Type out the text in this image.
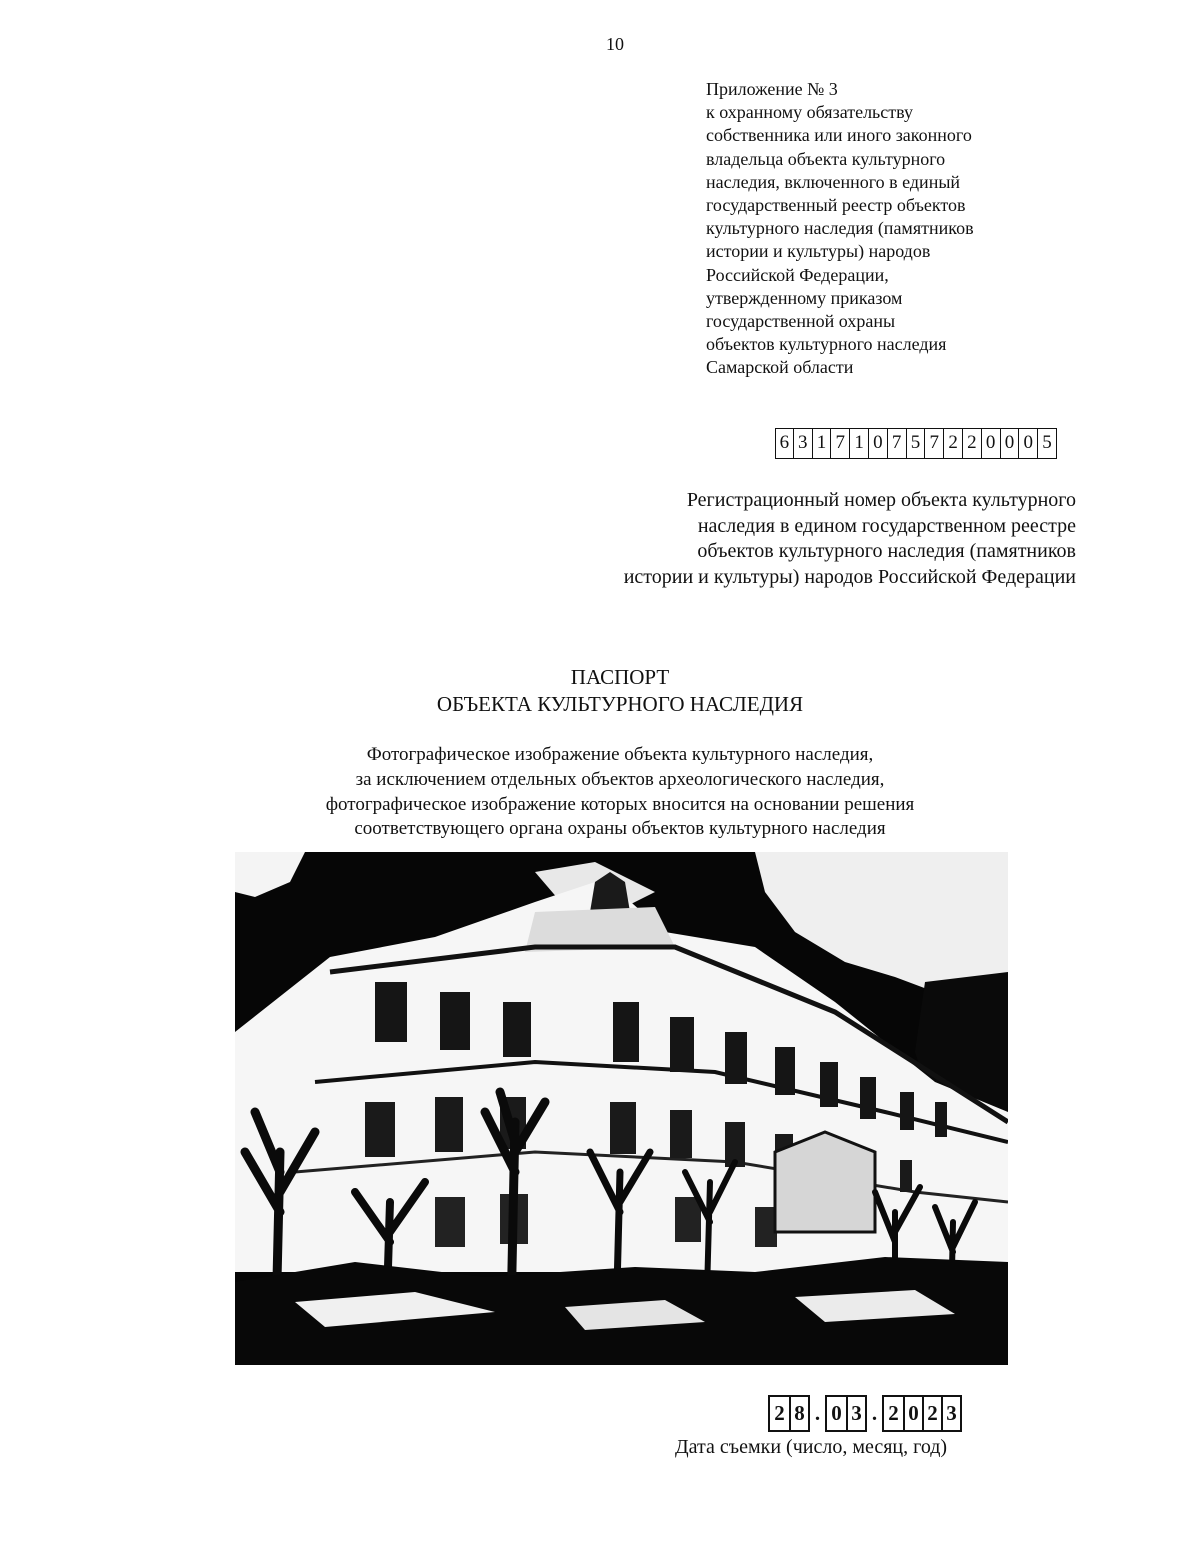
10
Приложение № 3
к охранному обязательству
собственника или иного законного
владельца объекта культурного
наследия, включенного в единый
государственный реестр объектов
культурного наследия (памятников
истории и культуры) народов
Российской Федерации,
утвержденному приказом
государственной охраны
объектов культурного наследия
Самарской области
6 3 1 7 1 0 7 5 7 2 2 0 0 0 5
Регистрационный номер объекта культурного
наследия в едином государственном реестре
объектов культурного наследия (памятников
истории и культуры) народов Российской Федерации
ПАСПОРТ
ОБЪЕКТА КУЛЬТУРНОГО НАСЛЕДИЯ
Фотографическое изображение объекта культурного наследия,
за исключением отдельных объектов археологического наследия,
фотографическое изображение которых вносится на основании решения
соответствующего органа охраны объектов культурного наследия
2 8 . 0 3 . 2 0 2 3
Дата съемки (число, месяц, год)
